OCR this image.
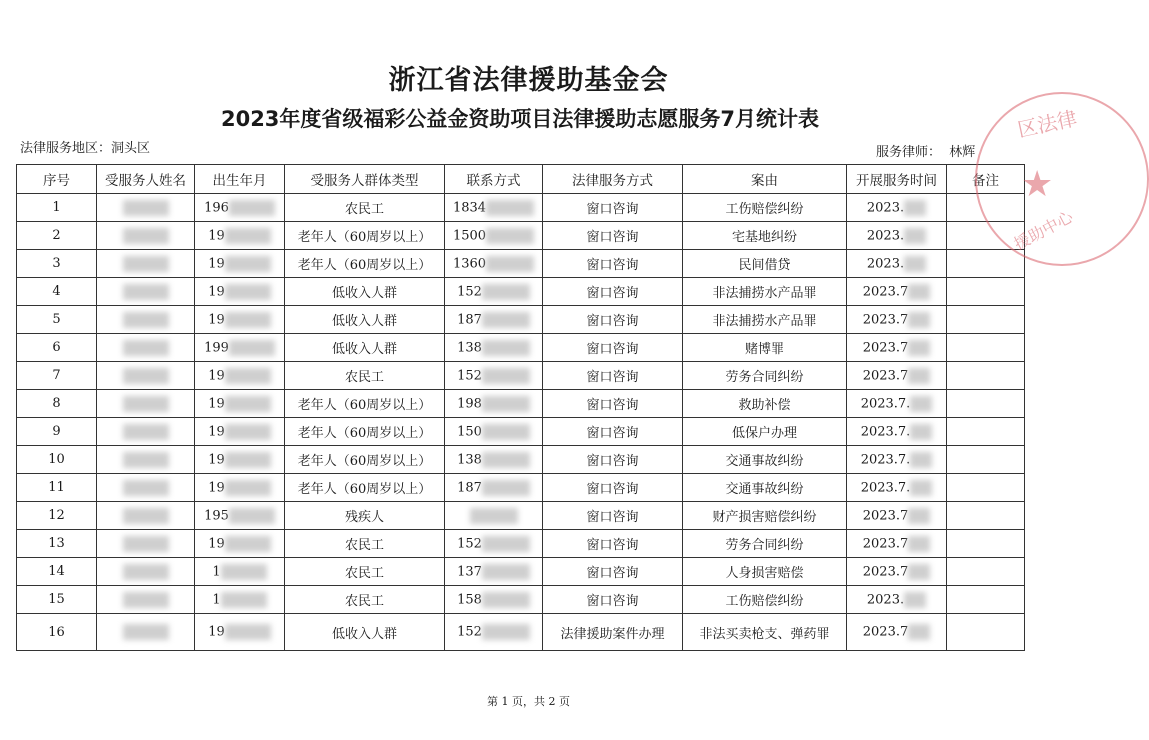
浙江省法律援助基金会
2023年度省级福彩公益金资助项目法律援助志愿服务7月统计表
法律服务地区：洞头区	服务律师： 林辉
序号	受服务人姓名	出生年月	受服务人群体类型	联系方式	法律服务方式	案由	开展服务时间	备注
1		196	农民工	1834	窗口咨询	工伤赔偿纠纷	2023.	
2		19	老年人（60周岁以上）	1500	窗口咨询	宅基地纠纷	2023.	
3		19	老年人（60周岁以上）	1360	窗口咨询	民间借贷	2023.	
4		19	低收入人群	152	窗口咨询	非法捕捞水产品罪	2023.7	
5		19	低收入人群	187	窗口咨询	非法捕捞水产品罪	2023.7	
6		199	低收入人群	138	窗口咨询	赌博罪	2023.7	
7		19	农民工	152	窗口咨询	劳务合同纠纷	2023.7	
8		19	老年人（60周岁以上）	198	窗口咨询	救助补偿	2023.7.	
9		19	老年人（60周岁以上）	150	窗口咨询	低保户办理	2023.7.	
10		19	老年人（60周岁以上）	138	窗口咨询	交通事故纠纷	2023.7.	
11		19	老年人（60周岁以上）	187	窗口咨询	交通事故纠纷	2023.7.	
12		195	残疾人		窗口咨询	财产损害赔偿纠纷	2023.7	
13		19	农民工	152	窗口咨询	劳务合同纠纷	2023.7	
14		1	农民工	137	窗口咨询	人身损害赔偿	2023.7	
15		1	农民工	158	窗口咨询	工伤赔偿纠纷	2023.	
16		19	低收入人群	152	法律援助案件办理	非法买卖枪支、弹药罪	2023.7	
第 1 页，共 2 页
区法律
★
援助中心
